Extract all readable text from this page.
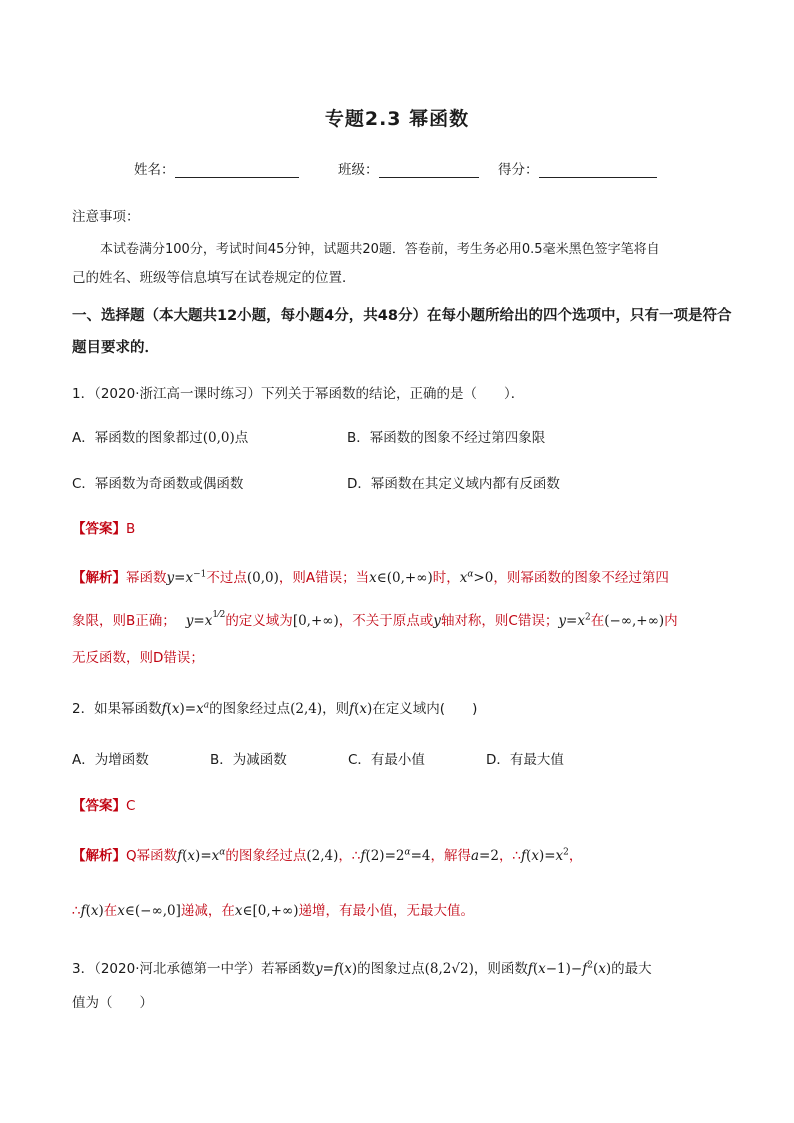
专题2.3 幂函数
姓名：	班级：	得分：
注意事项：
本试卷满分100分，考试时间45分钟，试题共20题．答卷前，考生务必用0.5毫米黑色签字笔将自
己的姓名、班级等信息填写在试卷规定的位置．
一、选择题（本大题共12小题，每小题4分，共48分）在每小题所给出的四个选项中，只有一项是符合
题目要求的．
1．（2020·浙江高一课时练习）下列关于幂函数的结论，正确的是（　　）．
A．幂函数的图象都过(0,0)点	B．幂函数的图象不经过第四象限
C．幂函数为奇函数或偶函数	D．幂函数在其定义域内都有反函数
【答案】B
【解析】幂函数$y=x^{-1}$不过点(0,0)，则A错误；当x∈(0,+∞)时，$x^\alpha>0$，则幂函数的图象不经过第四
象限，则B正确； $y=x^{1⁄2}$的定义域为[0,+∞)，不关于原点或y轴对称，则C错误；$y=x^2$在(−∞,+∞)内
无反函数，则D错误；
2．如果幂函数$f(x)=x^a$的图象经过点(2,4)，则f(x)在定义域内(　　)
A．为增函数	B．为减函数	C．有最小值	D．有最大值
【答案】C
【解析】Q幂函数$f(x)=x^\alpha$的图象经过点(2,4)，$\therefore f(2)=2^\alpha=4$，解得a=2，$\therefore f(x)=x^2$，
∴f(x)在x∈(−∞,0]递减，在x∈[0,+∞)递增，有最小值，无最大值。
3．（2020·河北承德第一中学）若幂函数y=f(x)的图象过点(8,2√2)，则函数$f(x-1)-f^2(x)$的最大
值为（　　）
